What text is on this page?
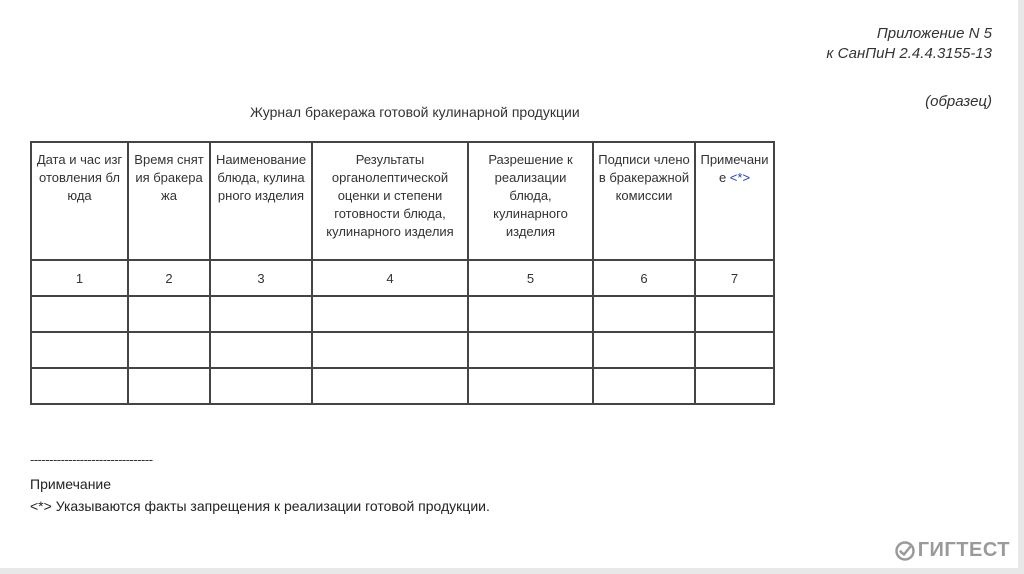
Приложение N 5
к СанПиН 2.4.4.3155-13
(образец)
Журнал бракеража готовой кулинарной продукции
Дата и час изготовления блюда	Время снятия бракеража	Наименование блюда, кулинарного изделия	Результаты органолептической оценки и степени готовности блюда, кулинарного изделия	Разрешение к реализации блюда, кулинарного изделия	Подписи членов бракеражной комиссии	Примечание <*>

1	2	3	4	5	6	7

--------------------------------
Примечание
<*> Указываются факты запрещения к реализации готовой продукции.
ГИГТЕСТ
